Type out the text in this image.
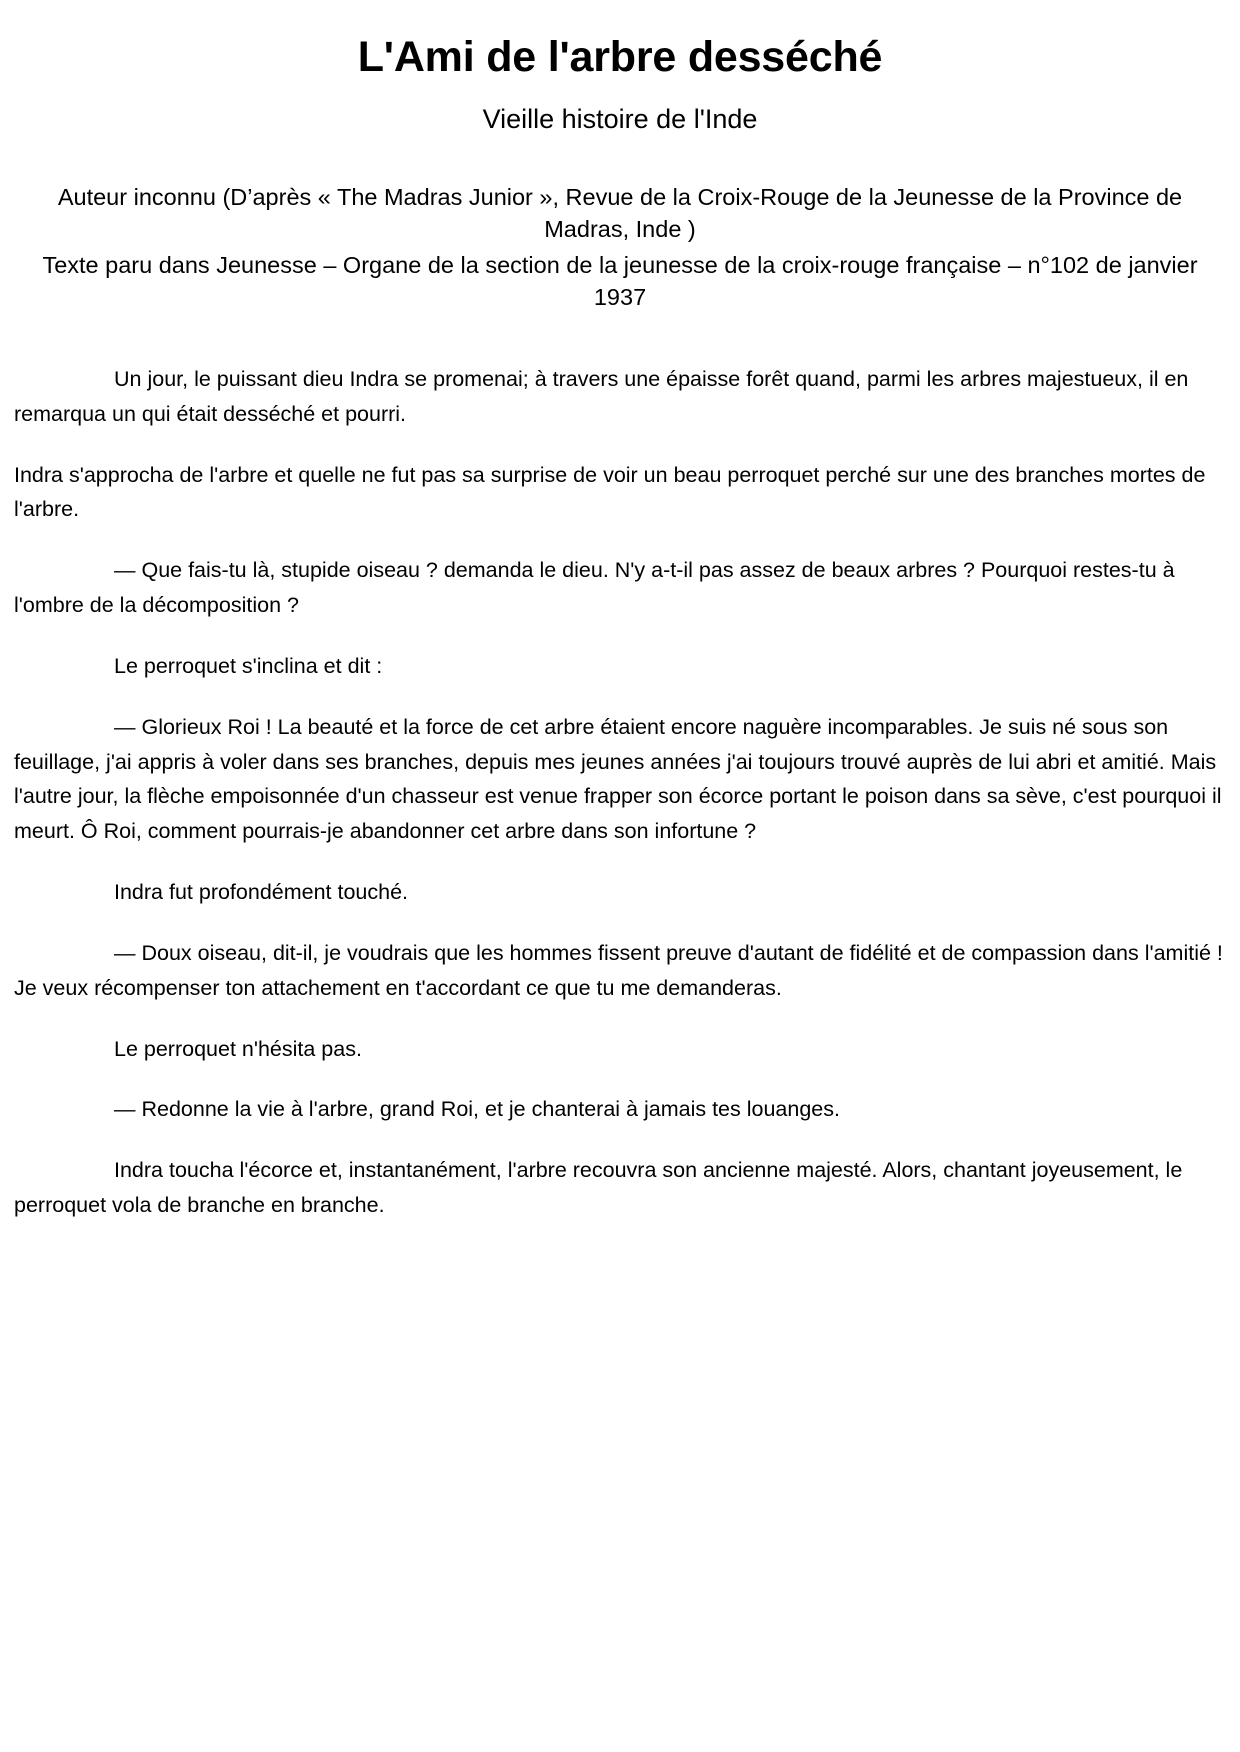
L'Ami de l'arbre desséché
Vieille histoire de l'Inde

Auteur inconnu (D’après « The Madras Junior », Revue de la Croix-Rouge de la Jeunesse de la Province de Madras, Inde )

Texte paru dans Jeunesse – Organe de la section de la jeunesse de la croix-rouge française – n°102 de janvier 1937

Un jour, le puissant dieu Indra se promenai; à travers une épaisse forêt quand, parmi les arbres majestueux, il en remarqua un qui était desséché et pourri.

Indra s'approcha de l'arbre et quelle ne fut pas sa surprise de voir un beau perroquet perché sur une des branches mortes de l'arbre.

— Que fais-tu là, stupide oiseau ? demanda le dieu. N'y a-t-il pas assez de beaux arbres ? Pourquoi restes-tu à l'ombre de la décomposition ?

Le perroquet s'inclina et dit :

— Glorieux Roi ! La beauté et la force de cet arbre étaient encore naguère incomparables. Je suis né sous son feuillage, j'ai appris à voler dans ses branches, depuis mes jeunes années j'ai toujours trouvé auprès de lui abri et amitié. Mais l'autre jour, la flèche empoisonnée d'un chasseur est venue frapper son écorce portant le poison dans sa sève, c'est pourquoi il meurt. Ô Roi, comment pourrais-je abandonner cet arbre dans son infortune ?

Indra fut profondément touché.

— Doux oiseau, dit-il, je voudrais que les hommes fissent preuve d'autant de fidélité et de compassion dans l'amitié ! Je veux récompenser ton attachement en t'accordant ce que tu me demanderas.

Le perroquet n'hésita pas.

— Redonne la vie à l'arbre, grand Roi, et je chanterai à jamais tes louanges.

Indra toucha l'écorce et, instantanément, l'arbre recouvra son ancienne majesté. Alors, chantant joyeusement, le perroquet vola de branche en branche.
